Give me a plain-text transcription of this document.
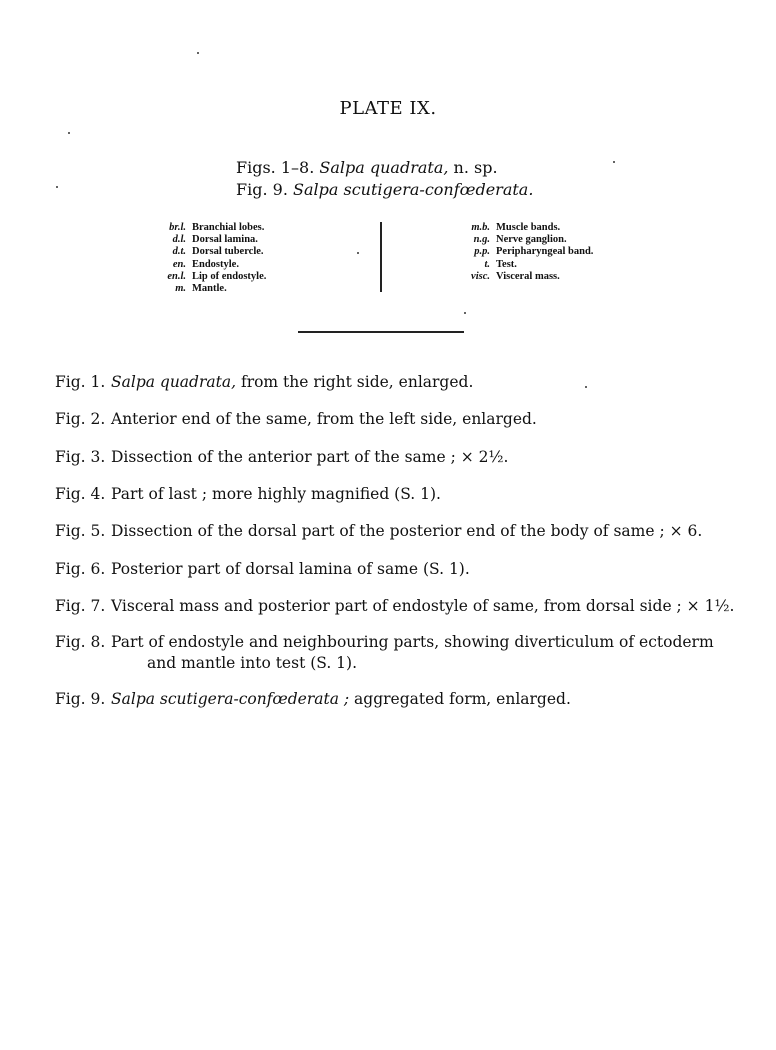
PLATE IX.
Figs. 1–8. Salpa quadrata, n. sp.
Fig. 9. Salpa scutigera-confœderata.
br.l. Branchial lobes.
d.l. Dorsal lamina.
d.t. Dorsal tubercle.
en. Endostyle.
en.l. Lip of endostyle.
m. Mantle.
m.b. Muscle bands.
n.g. Nerve ganglion.
p.p. Peripharyngeal band.
t. Test.
visc. Visceral mass.
Fig. 1. Salpa quadrata, from the right side, enlarged.
Fig. 2. Anterior end of the same, from the left side, enlarged.
Fig. 3. Dissection of the anterior part of the same ; × 2½.
Fig. 4. Part of last ; more highly magnified (S. 1).
Fig. 5. Dissection of the dorsal part of the posterior end of the body of same ; × 6.
Fig. 6. Posterior part of dorsal lamina of same (S. 1).
Fig. 7. Visceral mass and posterior part of endostyle of same, from dorsal side ; × 1½.
Fig. 8. Part of endostyle and neighbouring parts, showing diverticulum of ectoderm
and mantle into test (S. 1).
Fig. 9. Salpa scutigera-confœderata ; aggregated form, enlarged.
